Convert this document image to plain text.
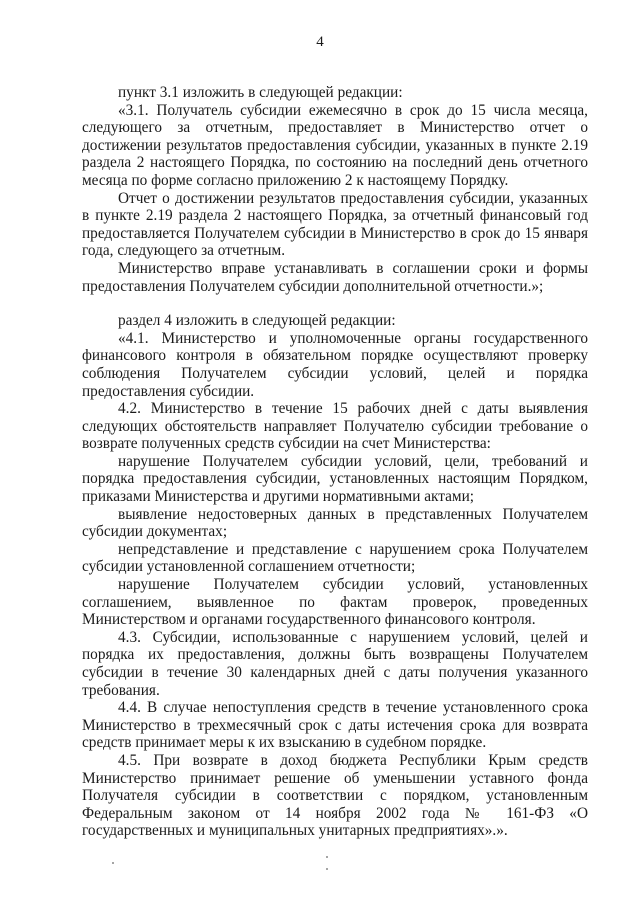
4

пункт 3.1 изложить в следующей редакции:

«3.1. Получатель субсидии ежемесячно в срок до 15 числа месяца, следующего за отчетным, предоставляет в Министерство отчет о достижении результатов предоставления субсидии, указанных в пункте 2.19 раздела 2 настоящего Порядка, по состоянию на последний день отчетного месяца по форме согласно приложению 2 к настоящему Порядку.

Отчет о достижении результатов предоставления субсидии, указанных в пункте 2.19 раздела 2 настоящего Порядка, за отчетный финансовый год предоставляется Получателем субсидии в Министерство в срок до 15 января года, следующего за отчетным.

Министерство вправе устанавливать в соглашении сроки и формы предоставления Получателем субсидии дополнительной отчетности.»;

раздел 4 изложить в следующей редакции:

«4.1. Министерство и уполномоченные органы государственного финансового контроля в обязательном порядке осуществляют проверку соблюдения Получателем субсидии условий, целей и порядка предоставления субсидии.

4.2. Министерство в течение 15 рабочих дней с даты выявления следующих обстоятельств направляет Получателю субсидии требование о возврате полученных средств субсидии на счет Министерства:

нарушение Получателем субсидии условий, цели, требований и порядка предоставления субсидии, установленных настоящим Порядком, приказами Министерства и другими нормативными актами;

выявление недостоверных данных в представленных Получателем субсидии документах;

непредставление и представление с нарушением срока Получателем субсидии установленной соглашением отчетности;

нарушение Получателем субсидии условий, установленных соглашением, выявленное по фактам проверок, проведенных Министерством и органами государственного финансового контроля.

4.3. Субсидии, использованные с нарушением условий, целей и порядка их предоставления, должны быть возвращены Получателем субсидии в течение 30 календарных дней с даты получения указанного требования.

4.4. В случае непоступления средств в течение установленного срока Министерство в трехмесячный срок с даты истечения срока для возврата средств принимает меры к их взысканию в судебном порядке.

4.5. При возврате в доход бюджета Республики Крым средств Министерство принимает решение об уменьшении уставного фонда Получателя субсидии в соответствии с порядком, установленным Федеральным законом от 14 ноября 2002 года № 161-ФЗ «О государственных и муниципальных унитарных предприятиях».».
